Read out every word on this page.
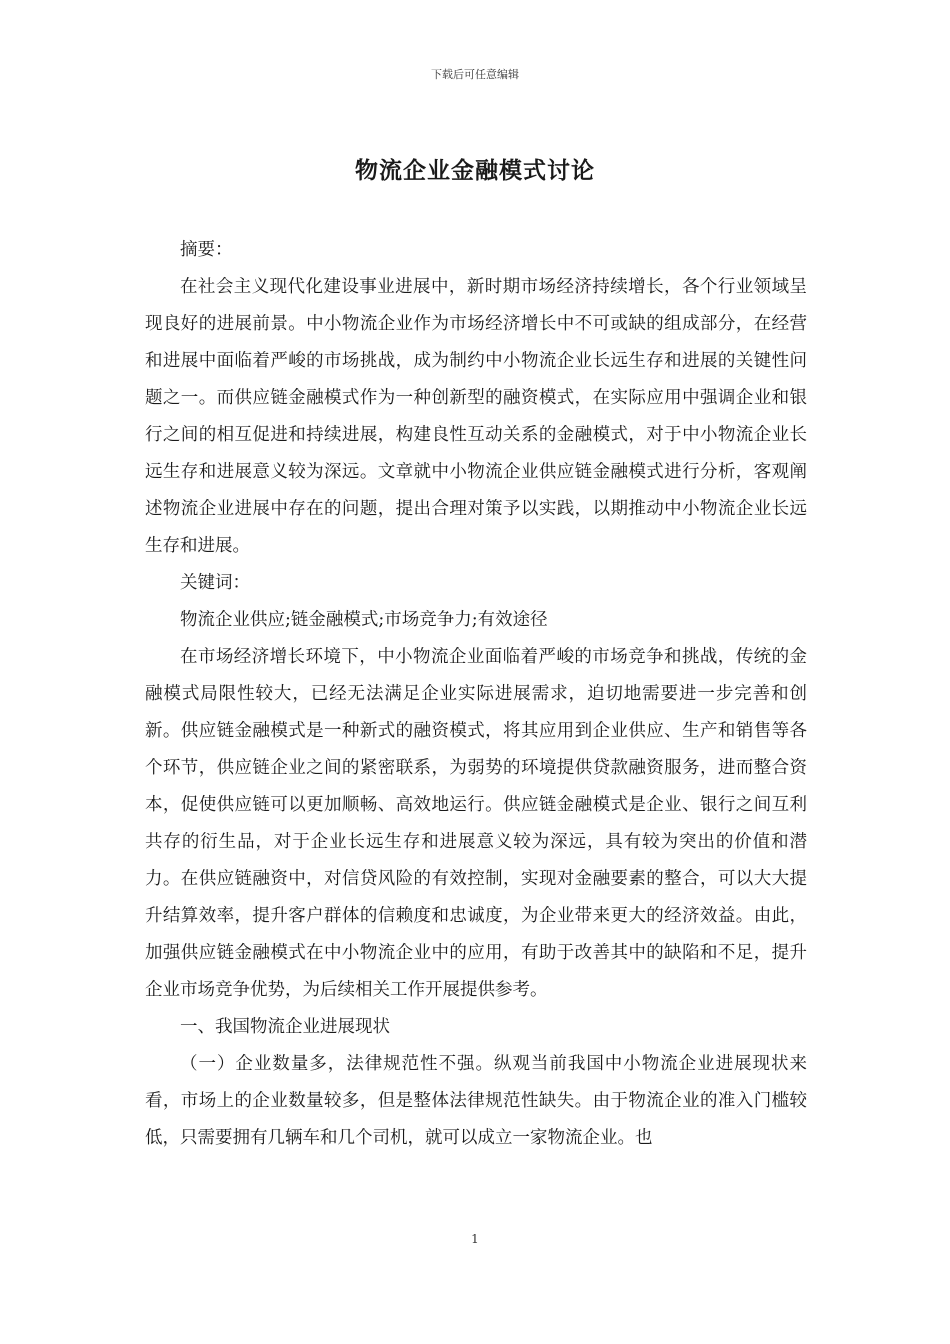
下载后可任意编辑
物流企业金融模式讨论

摘要：

在社会主义现代化建设事业进展中，新时期市场经济持续增长，各个行业领域呈现良好的进展前景。中小物流企业作为市场经济增长中不可或缺的组成部分，在经营和进展中面临着严峻的市场挑战，成为制约中小物流企业长远生存和进展的关键性问题之一。而供应链金融模式作为一种创新型的融资模式，在实际应用中强调企业和银行之间的相互促进和持续进展，构建良性互动关系的金融模式，对于中小物流企业长远生存和进展意义较为深远。文章就中小物流企业供应链金融模式进行分析，客观阐述物流企业进展中存在的问题，提出合理对策予以实践，以期推动中小物流企业长远生存和进展。

关键词：

物流企业供应;链金融模式;市场竞争力;有效途径

在市场经济增长环境下，中小物流企业面临着严峻的市场竞争和挑战，传统的金融模式局限性较大，已经无法满足企业实际进展需求，迫切地需要进一步完善和创新。供应链金融模式是一种新式的融资模式，将其应用到企业供应、生产和销售等各个环节，供应链企业之间的紧密联系，为弱势的环境提供贷款融资服务，进而整合资本，促使供应链可以更加顺畅、高效地运行。供应链金融模式是企业、银行之间互利共存的衍生品，对于企业长远生存和进展意义较为深远，具有较为突出的价值和潜力。在供应链融资中，对信贷风险的有效控制，实现对金融要素的整合，可以大大提升结算效率，提升客户群体的信赖度和忠诚度，为企业带来更大的经济效益。由此，加强供应链金融模式在中小物流企业中的应用，有助于改善其中的缺陷和不足，提升企业市场竞争优势，为后续相关工作开展提供参考。

一、我国物流企业进展现状

（一）企业数量多，法律规范性不强。纵观当前我国中小物流企业进展现状来看，市场上的企业数量较多，但是整体法律规范性缺失。由于物流企业的准入门槛较低，只需要拥有几辆车和几个司机，就可以成立一家物流企业。也

1
